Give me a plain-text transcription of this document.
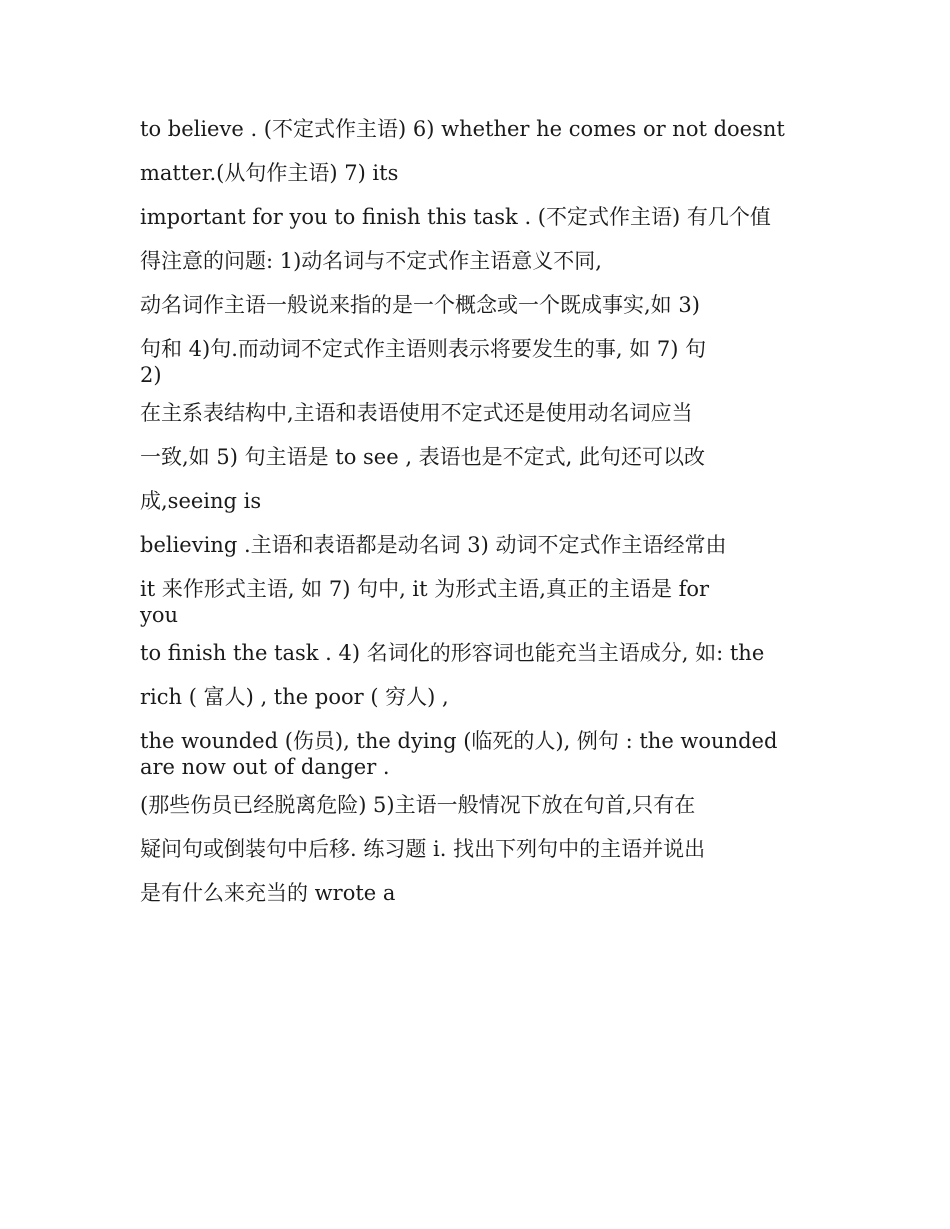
to believe . (不定式作主语) 6) whether he comes or not doesnt
matter.(从句作主语) 7) its
important for you to finish this task . (不定式作主语) 有几个值
得注意的问题: 1)动名词与不定式作主语意义不同,
动名词作主语一般说来指的是一个概念或一个既成事实,如 3)
句和 4)句.而动词不定式作主语则表示将要发生的事, 如 7) 句
2)
在主系表结构中,主语和表语使用不定式还是使用动名词应当
一致,如 5) 句主语是 to see , 表语也是不定式, 此句还可以改
成,seeing is
believing .主语和表语都是动名词 3) 动词不定式作主语经常由
it 来作形式主语, 如 7) 句中, it 为形式主语,真正的主语是 for
you
to finish the task . 4) 名词化的形容词也能充当主语成分, 如: the
rich ( 富人) , the poor ( 穷人) ,
the wounded (伤员), the dying (临死的人), 例句 : the wounded
are now out of danger .
(那些伤员已经脱离危险) 5)主语一般情况下放在句首,只有在
疑问句或倒装句中后移. 练习题 i. 找出下列句中的主语并说出
是有什么来充当的 wrote a
